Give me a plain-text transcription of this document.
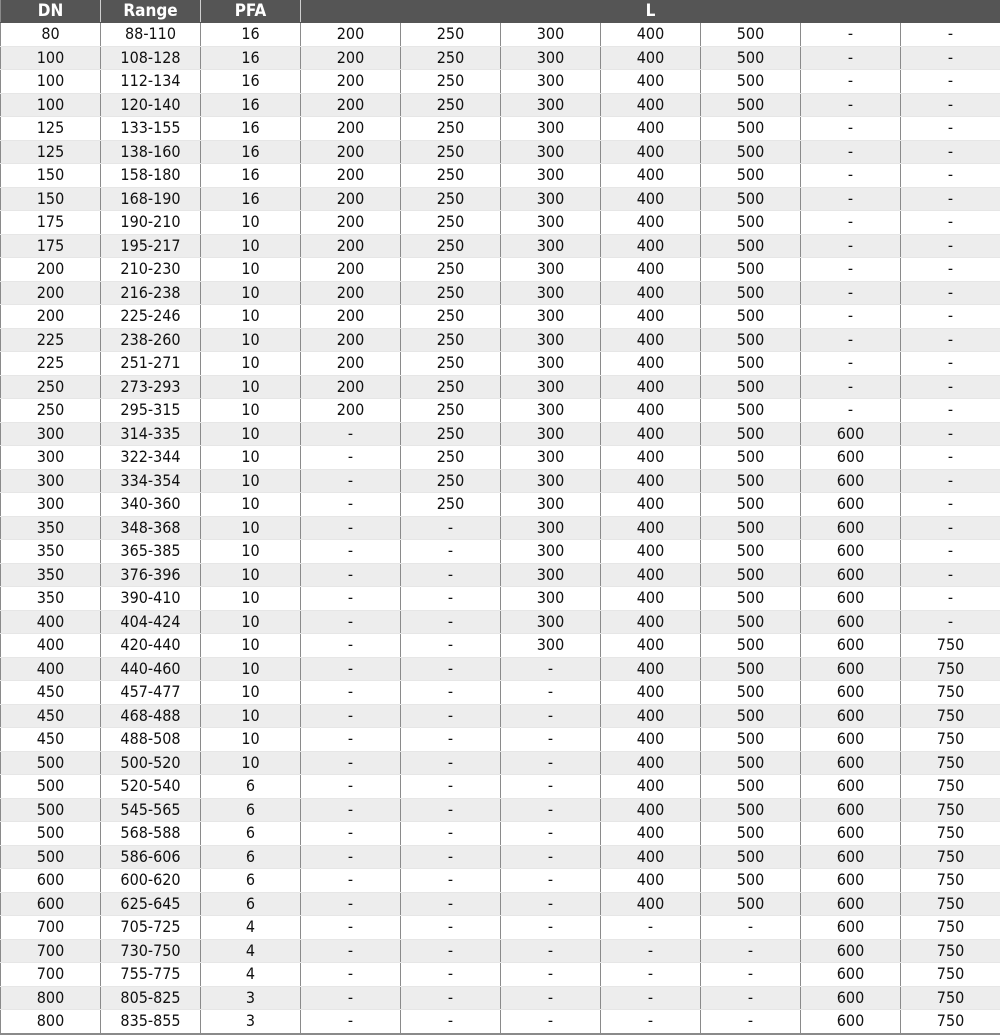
DN	Range	PFA	L						
80	88-110	16	200	250	300	400	500	-	-
100	108-128	16	200	250	300	400	500	-	-
100	112-134	16	200	250	300	400	500	-	-
100	120-140	16	200	250	300	400	500	-	-
125	133-155	16	200	250	300	400	500	-	-
125	138-160	16	200	250	300	400	500	-	-
150	158-180	16	200	250	300	400	500	-	-
150	168-190	16	200	250	300	400	500	-	-
175	190-210	10	200	250	300	400	500	-	-
175	195-217	10	200	250	300	400	500	-	-
200	210-230	10	200	250	300	400	500	-	-
200	216-238	10	200	250	300	400	500	-	-
200	225-246	10	200	250	300	400	500	-	-
225	238-260	10	200	250	300	400	500	-	-
225	251-271	10	200	250	300	400	500	-	-
250	273-293	10	200	250	300	400	500	-	-
250	295-315	10	200	250	300	400	500	-	-
300	314-335	10	-	250	300	400	500	600	-
300	322-344	10	-	250	300	400	500	600	-
300	334-354	10	-	250	300	400	500	600	-
300	340-360	10	-	250	300	400	500	600	-
350	348-368	10	-	-	300	400	500	600	-
350	365-385	10	-	-	300	400	500	600	-
350	376-396	10	-	-	300	400	500	600	-
350	390-410	10	-	-	300	400	500	600	-
400	404-424	10	-	-	300	400	500	600	-
400	420-440	10	-	-	300	400	500	600	750
400	440-460	10	-	-	-	400	500	600	750
450	457-477	10	-	-	-	400	500	600	750
450	468-488	10	-	-	-	400	500	600	750
450	488-508	10	-	-	-	400	500	600	750
500	500-520	10	-	-	-	400	500	600	750
500	520-540	6	-	-	-	400	500	600	750
500	545-565	6	-	-	-	400	500	600	750
500	568-588	6	-	-	-	400	500	600	750
500	586-606	6	-	-	-	400	500	600	750
600	600-620	6	-	-	-	400	500	600	750
600	625-645	6	-	-	-	400	500	600	750
700	705-725	4	-	-	-	-	-	600	750
700	730-750	4	-	-	-	-	-	600	750
700	755-775	4	-	-	-	-	-	600	750
800	805-825	3	-	-	-	-	-	600	750
800	835-855	3	-	-	-	-	-	600	750
